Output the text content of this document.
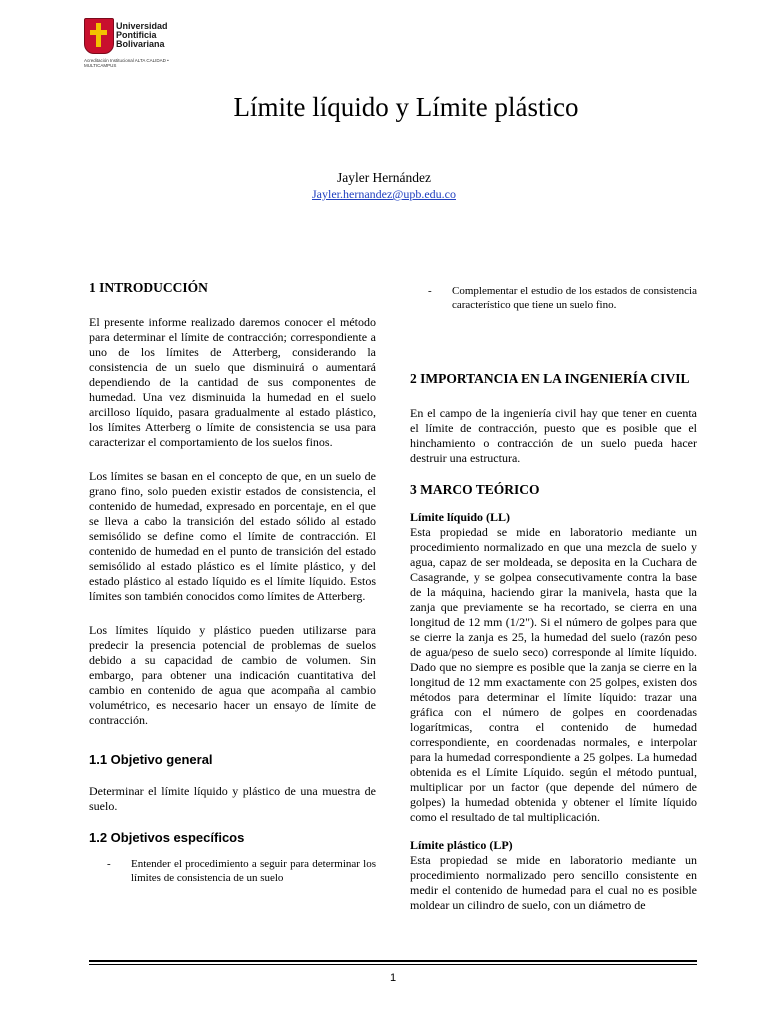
Universidad
Pontificia
Bolivariana
Acreditación Institucional ALTA CALIDAD • MULTICAMPUS
Límite líquido y Límite plástico
Jayler Hernández
Jayler.hernandez@upb.edu.co

1 INTRODUCCIÓN

El presente informe realizado daremos conocer el método para determinar el límite de contracción; correspondiente a uno de los límites de Atterberg, considerando la consistencia de un suelo que disminuirá o aumentará dependiendo de la cantidad de sus componentes de humedad. Una vez disminuida la humedad en el suelo arcilloso líquido, pasara gradualmente al estado plástico, los límites Atterberg o límite de consistencia se usa para caracterizar el comportamiento de los suelos finos.

Los límites se basan en el concepto de que, en un suelo de grano fino, solo pueden existir estados de consistencia, el contenido de humedad, expresado en porcentaje, en el que se lleva a cabo la transición del estado sólido al estado semisólido se define como el límite de contracción. El contenido de humedad en el punto de transición del estado semisólido al estado plástico es el límite plástico, y del estado plástico al estado líquido es el límite líquido. Estos límites son también conocidos como límites de Atterberg.

Los límites líquido y plástico pueden utilizarse para predecir la presencia potencial de problemas de suelos debido a su capacidad de cambio de volumen. Sin embargo, para obtener una indicación cuantitativa del cambio en contenido de agua que acompaña al cambio volumétrico, es necesario hacer un ensayo de límite de contracción.

1.1 Objetivo general

Determinar el límite líquido y plástico de una muestra de suelo.

1.2 Objetivos específicos

-	Entender el procedimiento a seguir para determinar los límites de consistencia de un suelo
-	Complementar el estudio de los estados de consistencia característico que tiene un suelo fino.

2 IMPORTANCIA EN LA INGENIERÍA CIVIL

En el campo de la ingeniería civil hay que tener en cuenta el límite de contracción, puesto que es posible que el hinchamiento o contracción de un suelo pueda hacer destruir una estructura.

3 MARCO TEÓRICO

Límite líquido (LL)

Esta propiedad se mide en laboratorio mediante un procedimiento normalizado en que una mezcla de suelo y agua, capaz de ser moldeada, se deposita en la Cuchara de Casagrande, y se golpea consecutivamente contra la base de la máquina, haciendo girar la manivela, hasta que la zanja que previamente se ha recortado, se cierra en una longitud de 12 mm (1/2"). Si el número de golpes para que se cierre la zanja es 25, la humedad del suelo (razón peso de agua/peso de suelo seco) corresponde al límite líquido. Dado que no siempre es posible que la zanja se cierre en la longitud de 12 mm exactamente con 25 golpes, existen dos métodos para determinar el límite líquido: trazar una gráfica con el número de golpes en coordenadas logarítmicas, contra el contenido de humedad correspondiente, en coordenadas normales, e interpolar para la humedad correspondiente a 25 golpes. La humedad obtenida es el Límite Líquido. según el método puntual, multiplicar por un factor (que depende del número de golpes) la humedad obtenida y obtener el límite líquido como el resultado de tal multiplicación.

Límite plástico (LP)

Esta propiedad se mide en laboratorio mediante un procedimiento normalizado pero sencillo consistente en medir el contenido de humedad para el cual no es posible moldear un cilindro de suelo, con un diámetro de

1
